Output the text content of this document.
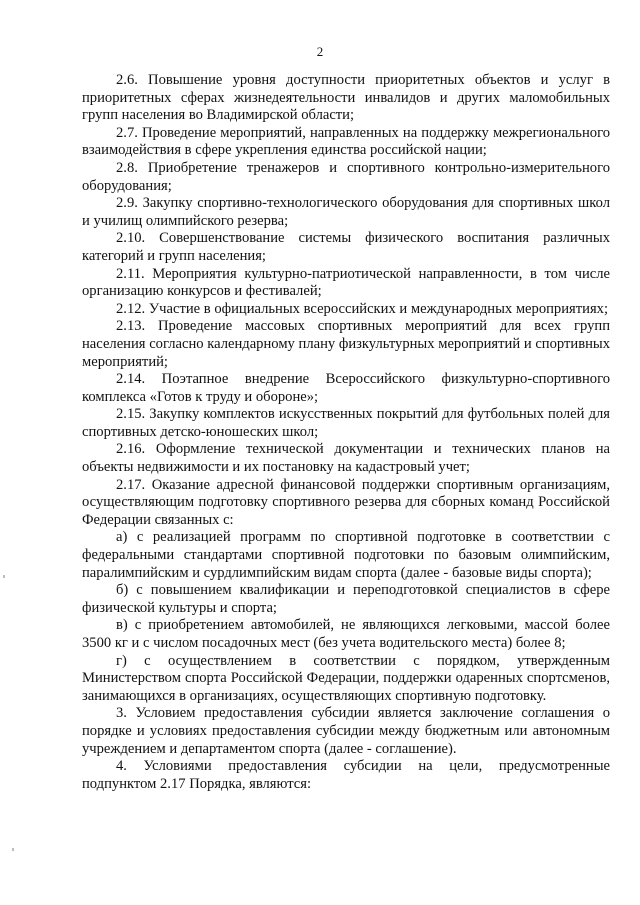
2

2.6. Повышение уровня доступности приоритетных объектов и услуг в приоритетных сферах жизнедеятельности инвалидов и других маломобильных групп населения во Владимирской области;

2.7. Проведение мероприятий, направленных на поддержку межрегионального взаимодействия в сфере укрепления единства российской нации;

2.8. Приобретение тренажеров и спортивного контрольно-измерительного оборудования;

2.9. Закупку спортивно-технологического оборудования для спортивных школ и училищ олимпийского резерва;

2.10. Совершенствование системы физического воспитания различных категорий и групп населения;

2.11. Мероприятия культурно-патриотической направленности, в том числе организацию конкурсов и фестивалей;

2.12. Участие в официальных всероссийских и международных мероприятиях;

2.13. Проведение массовых спортивных мероприятий для всех групп населения согласно календарному плану физкультурных мероприятий и спортивных мероприятий;

2.14. Поэтапное внедрение Всероссийского физкультурно-спортивного комплекса «Готов к труду и обороне»;

2.15. Закупку комплектов искусственных покрытий для футбольных полей для спортивных детско-юношеских школ;

2.16. Оформление технической документации и технических планов на объекты недвижимости и их постановку на кадастровый учет;

2.17. Оказание адресной финансовой поддержки спортивным организациям, осуществляющим подготовку спортивного резерва для сборных команд Российской Федерации связанных с:

а) с реализацией программ по спортивной подготовке в соответствии с федеральными стандартами спортивной подготовки по базовым олимпийским, паралимпийским и сурдлимпийским видам спорта (далее - базовые виды спорта);

б) с повышением квалификации и переподготовкой специалистов в сфере физической культуры и спорта;

в) с приобретением автомобилей, не являющихся легковыми, массой более 3500 кг и с числом посадочных мест (без учета водительского места) более 8;

г) с осуществлением в соответствии с порядком, утвержденным Министерством спорта Российской Федерации, поддержки одаренных спортсменов, занимающихся в организациях, осуществляющих спортивную подготовку.

3. Условием предоставления субсидии является заключение соглашения о порядке и условиях предоставления субсидии между бюджетным или автономным учреждением и департаментом спорта (далее - соглашение).

4. Условиями предоставления субсидии на цели, предусмотренные подпунктом 2.17 Порядка, являются:
